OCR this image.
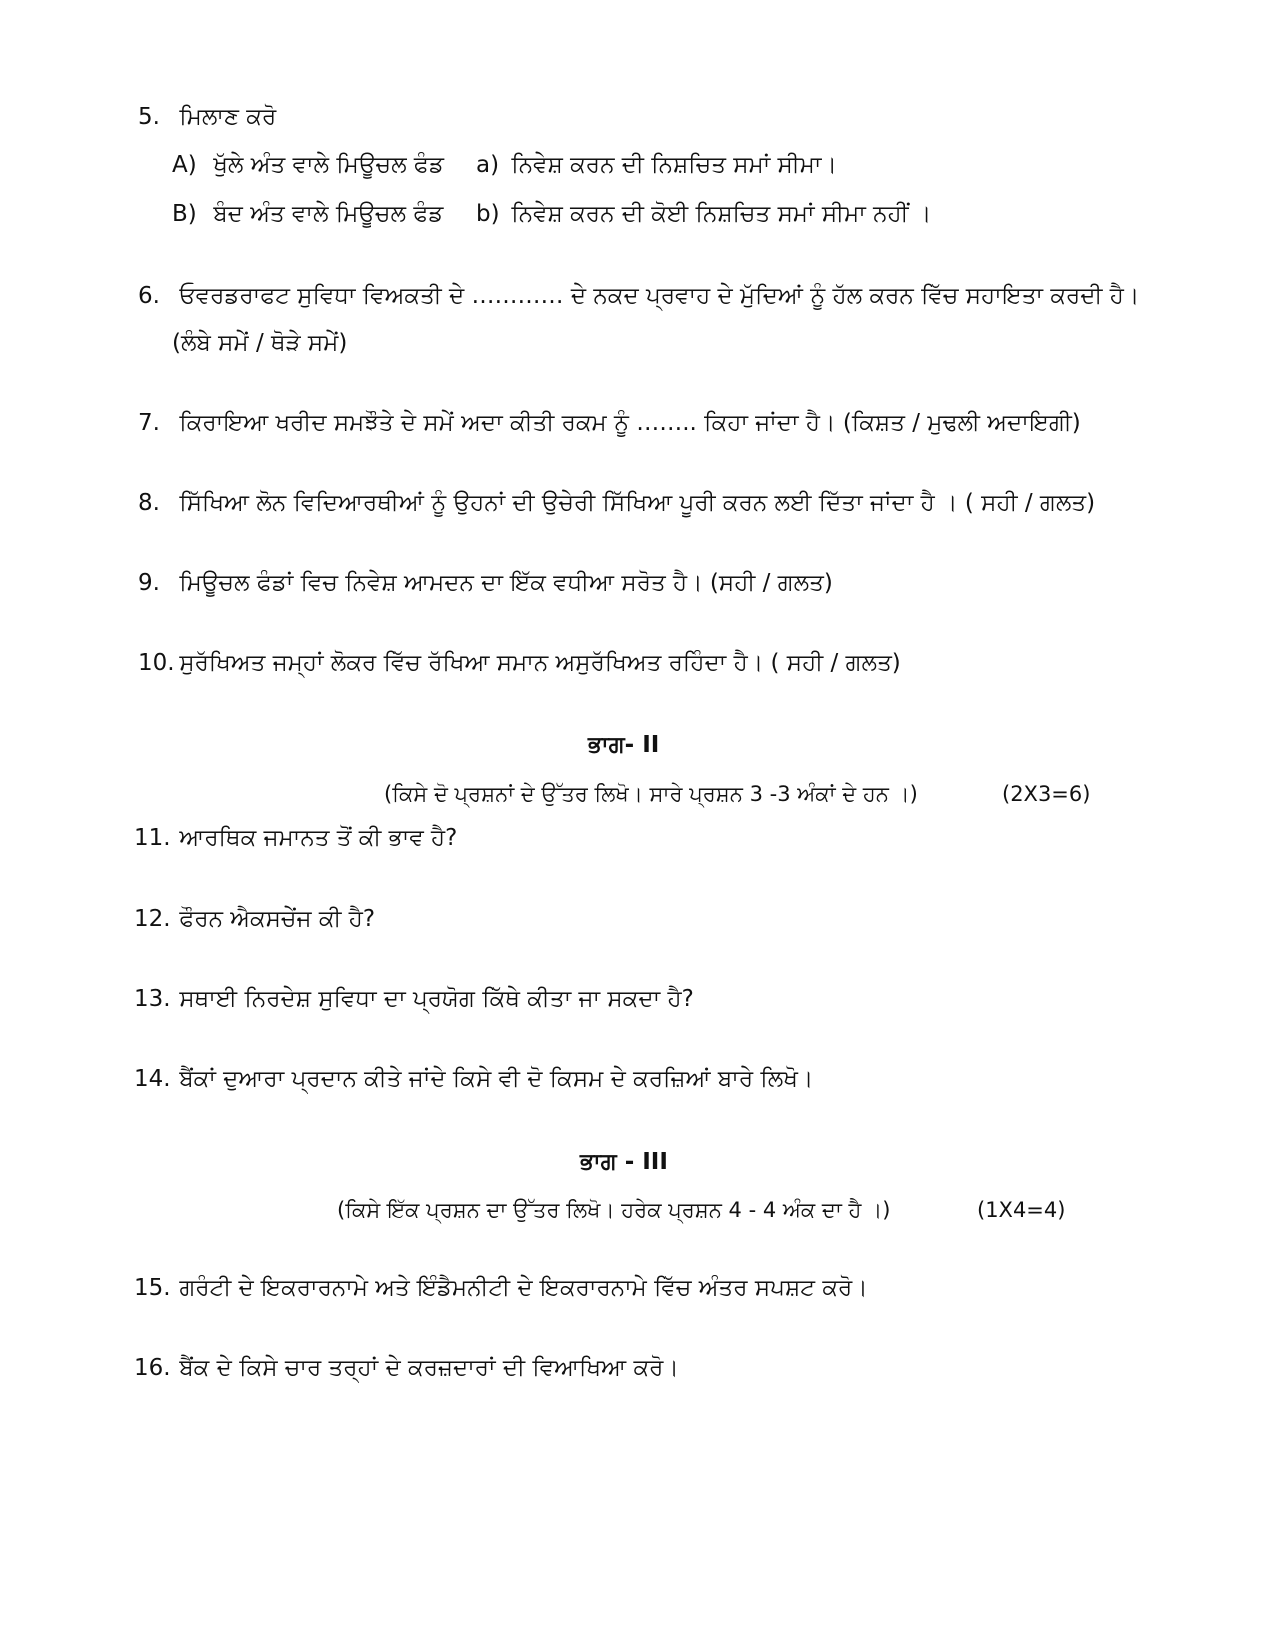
5. ਮਿਲਾਣ ਕਰੋ
A) ਖੁੱਲੇ ਅੰਤ ਵਾਲੇ ਮਿਊਚਲ ਫੰਡ a) ਨਿਵੇਸ਼ ਕਰਨ ਦੀ ਨਿਸ਼ਚਿਤ ਸਮਾਂ ਸੀਮਾ।
B) ਬੰਦ ਅੰਤ ਵਾਲੇ ਮਿਊਚਲ ਫੰਡ b) ਨਿਵੇਸ਼ ਕਰਨ ਦੀ ਕੋਈ ਨਿਸ਼ਚਿਤ ਸਮਾਂ ਸੀਮਾ ਨਹੀਂ ।
6. ਓਵਰਡਰਾਫਟ ਸੁਵਿਧਾ ਵਿਅਕਤੀ ਦੇ ………… ਦੇ ਨਕਦ ਪ੍ਰਵਾਹ ਦੇ ਮੁੱਦਿਆਂ ਨੂੰ ਹੱਲ ਕਰਨ ਵਿੱਚ ਸਹਾਇਤਾ ਕਰਦੀ ਹੈ।
(ਲੰਬੇ ਸਮੇਂ / ਥੋੜੇ ਸਮੇਂ)
7. ਕਿਰਾਇਆ ਖਰੀਦ ਸਮਝੌਤੇ ਦੇ ਸਮੇਂ ਅਦਾ ਕੀਤੀ ਰਕਮ ਨੂੰ …….. ਕਿਹਾ ਜਾਂਦਾ ਹੈ। (ਕਿਸ਼ਤ / ਮੁਢਲੀ ਅਦਾਇਗੀ)
8. ਸਿੱਖਿਆ ਲੋਨ ਵਿਦਿਆਰਥੀਆਂ ਨੂੰ ਉਹਨਾਂ ਦੀ ਉਚੇਰੀ ਸਿੱਖਿਆ ਪੂਰੀ ਕਰਨ ਲਈ ਦਿੱਤਾ ਜਾਂਦਾ ਹੈ । ( ਸਹੀ / ਗਲਤ)
9. ਮਿਊਚਲ ਫੰਡਾਂ ਵਿਚ ਨਿਵੇਸ਼ ਆਮਦਨ ਦਾ ਇੱਕ ਵਧੀਆ ਸਰੋਤ ਹੈ। (ਸਹੀ / ਗਲਤ)
10. ਸੁਰੱਖਿਅਤ ਜਮ੍ਹਾਂ ਲੋਕਰ ਵਿੱਚ ਰੱਖਿਆ ਸਮਾਨ ਅਸੁਰੱਖਿਅਤ ਰਹਿੰਦਾ ਹੈ। ( ਸਹੀ / ਗਲਤ)
ਭਾਗ- II
(ਕਿਸੇ ਦੋ ਪ੍ਰਸ਼ਨਾਂ ਦੇ ਉੱਤਰ ਲਿਖੋ। ਸਾਰੇ ਪ੍ਰਸ਼ਨ 3 -3 ਅੰਕਾਂ ਦੇ ਹਨ ।)	(2X3=6)
11. ਆਰਥਿਕ ਜਮਾਨਤ ਤੋਂ ਕੀ ਭਾਵ ਹੈ?
12. ਫੌਰਨ ਐਕਸਚੇਂਜ ਕੀ ਹੈ?
13. ਸਥਾਈ ਨਿਰਦੇਸ਼ ਸੁਵਿਧਾ ਦਾ ਪ੍ਰਯੋਗ ਕਿੱਥੇ ਕੀਤਾ ਜਾ ਸਕਦਾ ਹੈ?
14. ਬੈਂਕਾਂ ਦੁਆਰਾ ਪ੍ਰਦਾਨ ਕੀਤੇ ਜਾਂਦੇ ਕਿਸੇ ਵੀ ਦੋ ਕਿਸਮ ਦੇ ਕਰਜ਼ਿਆਂ ਬਾਰੇ ਲਿਖੋ।
ਭਾਗ - III
(ਕਿਸੇ ਇੱਕ ਪ੍ਰਸ਼ਨ ਦਾ ਉੱਤਰ ਲਿਖੋ। ਹਰੇਕ ਪ੍ਰਸ਼ਨ 4 - 4 ਅੰਕ ਦਾ ਹੈ ।)	(1X4=4)
15. ਗਰੰਟੀ ਦੇ ਇਕਰਾਰਨਾਮੇ ਅਤੇ ਇੰਡੈਮਨੀਟੀ ਦੇ ਇਕਰਾਰਨਾਮੇ ਵਿੱਚ ਅੰਤਰ ਸਪਸ਼ਟ ਕਰੋ।
16. ਬੈਂਕ ਦੇ ਕਿਸੇ ਚਾਰ ਤਰ੍ਹਾਂ ਦੇ ਕਰਜ਼ਦਾਰਾਂ ਦੀ ਵਿਆਖਿਆ ਕਰੋ।
